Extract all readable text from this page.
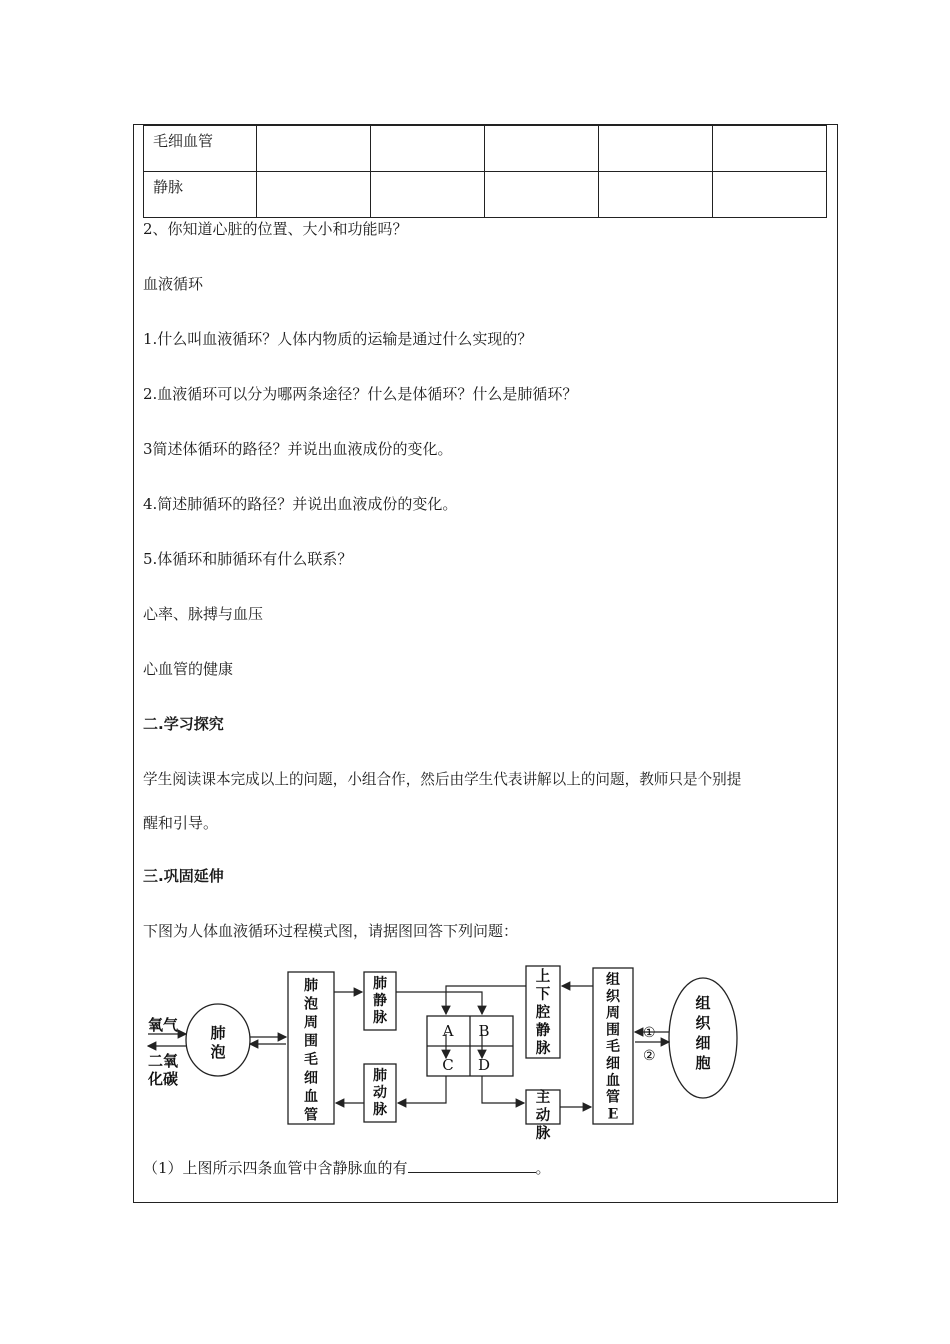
毛细血管					
静脉					
2、你知道心脏的位置、大小和功能吗？
血液循环
1.什么叫血液循环？人体内物质的运输是通过什么实现的？
2.血液循环可以分为哪两条途径？什么是体循环？什么是肺循环？
3简述体循环的路径？并说出血液成份的变化。
4.简述肺循环的路径？并说出血液成份的变化。
5.体循环和肺循环有什么联系？
心率、脉搏与血压
心血管的健康
二.学习探究
学生阅读课本完成以上的问题，小组合作，然后由学生代表讲解以上的问题，教师只是个别提
醒和引导。
三.巩固延伸
下图为人体血液循环过程模式图，请据图回答下列问题：
氧气
二氧
化碳
①
②
肺
泡
肺
泡
周
围
毛
细
血
管
肺
静
脉
肺
动
脉
上
下
腔
静
脉
主
动
脉
组
织
周
围
毛
细
血
管
E
组
织
细
胞
A B
C D
（1）上图所示四条血管中含静脉血的有	。
